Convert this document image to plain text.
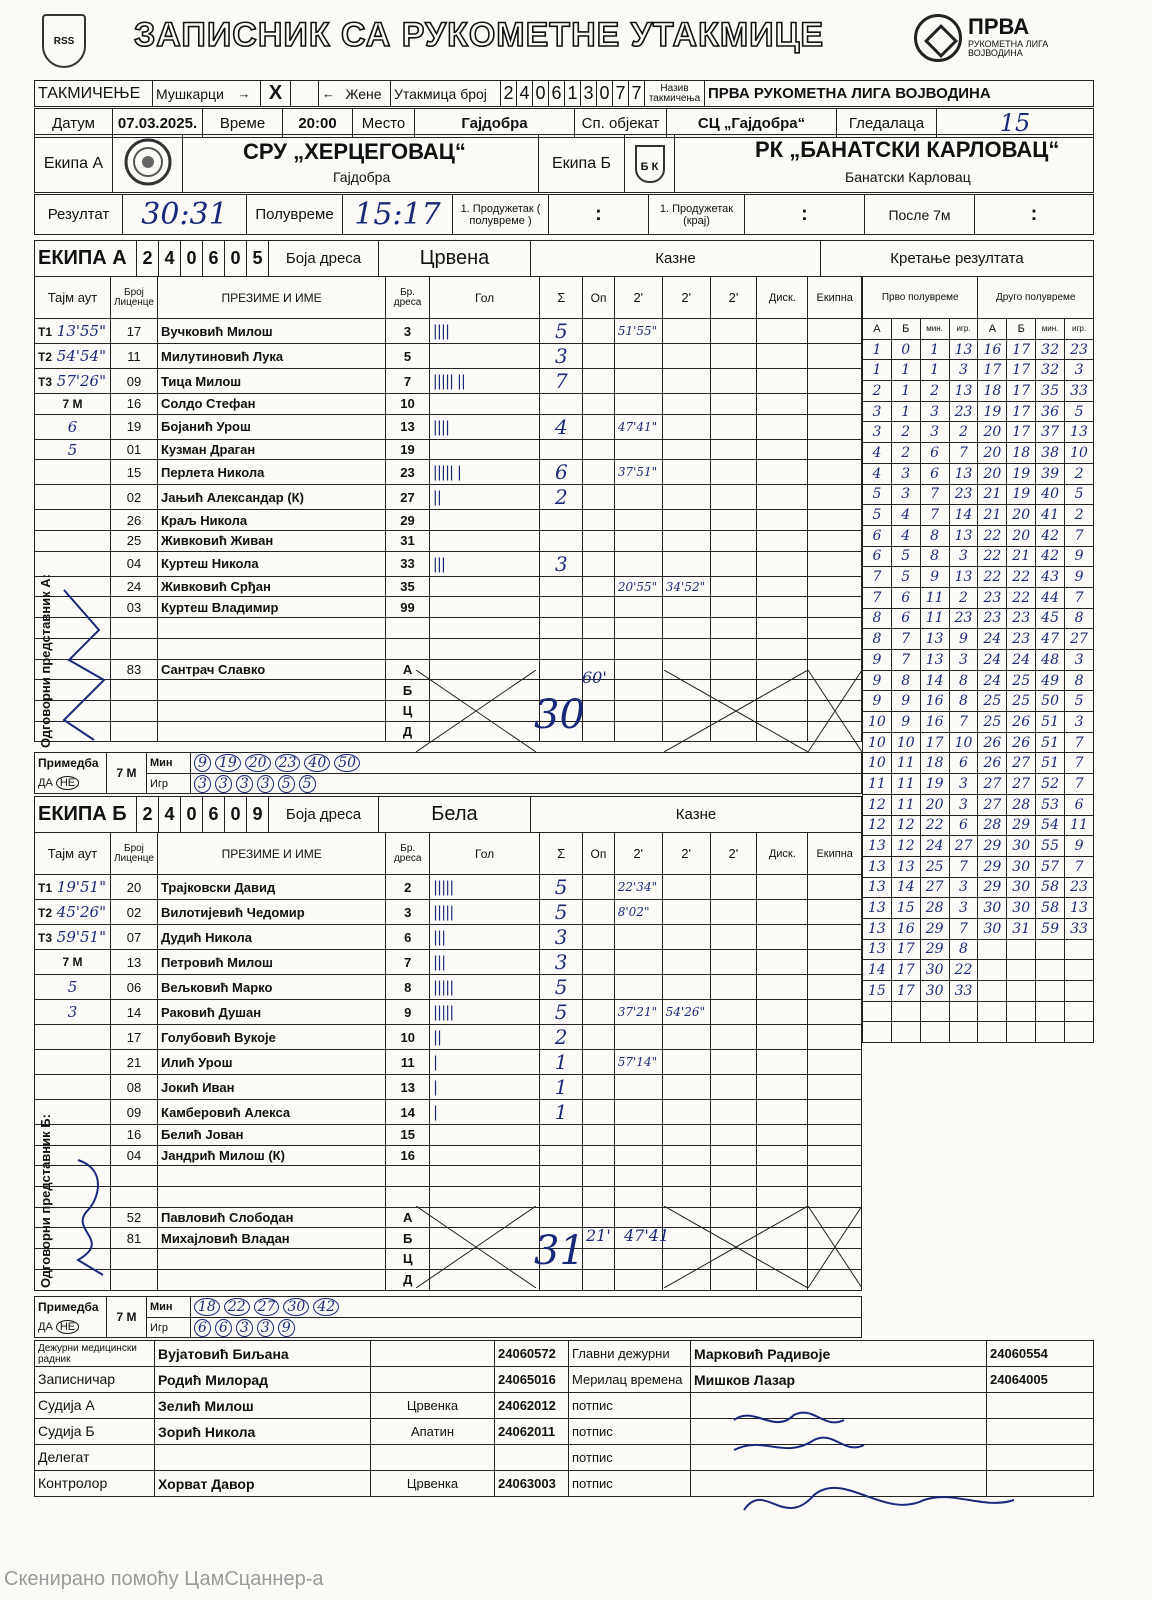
RSS ЗАПИСНИК СА РУКОМЕТНЕ УТАКМИЦЕ	ПРВА
РУКОМЕТНА ЛИГА ВОЈВОДИНА
ТАКМИЧЕЊЕ	Мушкарци	→	X		←	Жене	Утакмица број	2	4	0	6	1	3	0	7	7	Назив такмичења	ПРВА РУКОМЕТНА ЛИГА ВОЈВОДИНА
Датум	07.03.2025.	Време	20:00	Место	Гајдобра	Сп. објекат	СЦ „Гајдобра“	Гледалаца	15
Екипа А		СРУ „ХЕРЦЕГОВАЦ“
Гајдобра
	Екипа Б	Б К

РК „БАНАТСКИ КАРЛОВАЦ“
Банатски Карловац
Резултат	30:31	Полувреме	15:17	1. Продужетак ( полувреме )	:	1. Продужетак (крај)	:	После 7м	:
ЕКИПА А	2	4	0	6	0	5	Боја дреса	Црвена	Казне	Кретање резултата
Тајм аут	Број Лиценце	ПРЕЗИМЕ И ИМЕ	Бр. дреса	Гол	Σ	Оп	2'	2'	2'	Диск.	Екипна
Т1 13'55"	17	Вучковић Милош	3	||||	5		51'55"				
Т2 54'54"	11	Милутиновић Лука	5		3						
Т3 57'26"	09	Тица Милош	7	||||| ||	7						
7 М	16	Солдо Стефан	10								
6	19	Бојанић Урош	13	||||	4		47'41"				
5	01	Кузман Драган	19								
	15	Перлета Никола	23	||||| |	6		37'51"				
	02	Јањић Александар (К)	27	||	2						
	26	Краљ Никола	29								
	25	Живковић Живан	31								
	04	Куртеш Никола	33	|||	3						
	24	Живковић Срђан	35				20'55"	34'52"			
	03	Куртеш Владимир	99								

	83	Сантрач Славко	А								
			Б								
			Ц								
			Д								
Прво полувреме				Друго полувреме			
А	Б	мин.	игр.	А	Б	мин.	игр.
1	0	1	13	16	17	32	23
1	1	1	3	17	17	32	3
2	1	2	13	18	17	35	33
3	1	3	23	19	17	36	5
3	2	3	2	20	17	37	13
4	2	6	7	20	18	38	10
4	3	6	13	20	19	39	2
5	3	7	23	21	19	40	5
5	4	7	14	21	20	41	2
6	4	8	13	22	20	42	7
6	5	8	3	22	21	42	9
7	5	9	13	22	22	43	9
7	6	11	2	23	22	44	7
8	6	11	23	23	23	45	8
8	7	13	9	24	23	47	27
9	7	13	3	24	24	48	3
9	8	14	8	24	25	49	8
9	9	16	8	25	25	50	5
10	9	16	7	25	26	51	3
10	10	17	10	26	26	51	7
10	11	18	6	26	27	51	7
11	11	19	3	27	27	52	7
12	11	20	3	27	28	53	6
12	12	22	6	28	29	54	11
13	12	24	27	29	30	55	9
13	13	25	7	29	30	57	7
13	14	27	3	29	30	58	23
13	15	28	3	30	30	58	13
13	16	29	7	30	31	59	33
13	17	29	8				
14	17	30	22				
15	17	30	33				

30
60'
Одговорни представник А:
Примедба	7 М	Мин	9 19 20 23 40 50
ДА НЕ		Игр	3 3 3 3 5 5
ЕКИПА Б	2	4	0	6	0	9	Боја дреса	Бела	Казне
Тајм аут	Број Лиценце	ПРЕЗИМЕ И ИМЕ	Бр. дреса	Гол	Σ	Оп	2'	2'	2'	Диск.	Екипна
Т1 19'51"	20	Трајковски Давид	2	|||||	5		22'34"				
Т2 45'26"	02	Вилотијевић Чедомир	3	|||||	5		8'02"				
Т3 59'51"	07	Дудић Никола	6	|||	3						
7 М	13	Петровић Милош	7	|||	3						
5	06	Вељковић Марко	8	|||||	5						
3	14	Раковић Душан	9	|||||	5		37'21"	54'26"			
	17	Голубовић Вукоје	10	||	2						
	21	Илић Урош	11	|	1		57'14"				
	08	Јокић Иван	13	|	1						
	09	Камберовић Алекса	14	|	1						
	16	Белић Јован	15								
	04	Јандрић Милош (К)	16								

	52	Павловић Слободан	А								
	81	Михајловић Владан	Б								
			Ц								
			Д								
31 21' 47'41
Одговорни представник Б:
Примедба	7 М	Мин	18 22 27 30 42
ДА НЕ		Игр	6 6 3 3 9
Дежурни медицински радник	Вујатовић Биљана		24060572	Главни дежурни	Марковић Радивоје	24060554
Записничар	Родић Милорад		24065016	Мерилац времена	Мишков Лазар	24064005
Судија А	Зелић Милош	Црвенка	24062012	потпис		
Судија Б	Зорић Никола	Апатин	24062011	потпис		
Делегат				потпис		
Контролор	Хорват Давор	Црвенка	24063003	потпис		
Скенирано помоћу ЦамСцаннер-а
